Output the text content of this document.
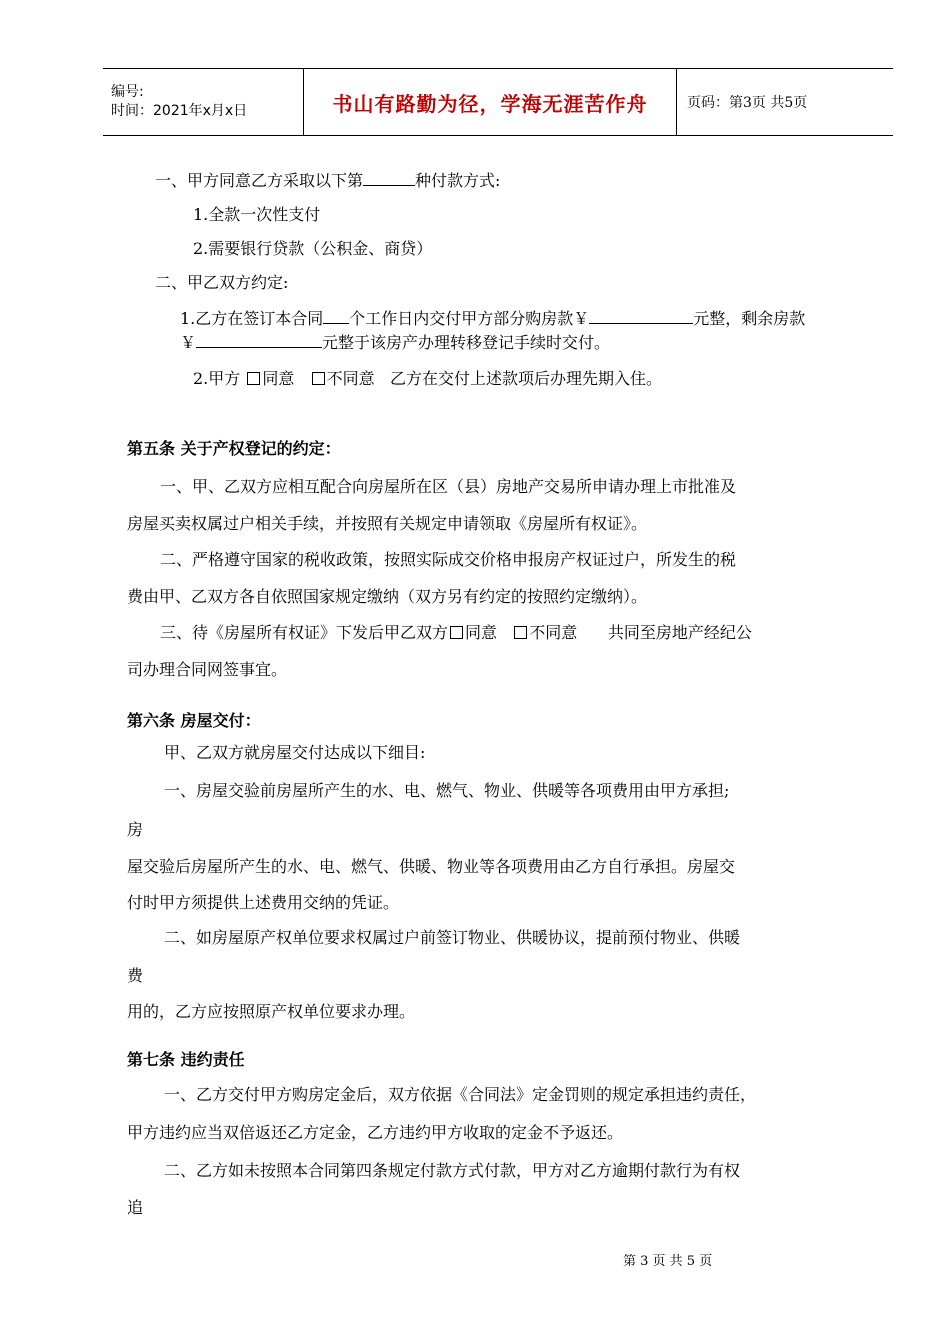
编号:
时间：2021年x月x日	书山有路勤为径，学海无涯苦作舟	页码：第3页 共5页
一、甲方同意乙方采取以下第	种付款方式:
1.全款一次性支付
2.需要银行贷款（公积金、商贷）
二、甲乙双方约定:
1.乙方在签订本合同 个工作日内交付甲方部分购房款￥	元整，剩余房款
￥	元整于该房产办理转移登记手续时交付。
2.甲方 同意 不同意 乙方在交付上述款项后办理先期入住。
第五条 关于产权登记的约定：
一、甲、乙双方应相互配合向房屋所在区（县）房地产交易所申请办理上市批准及
房屋买卖权属过户相关手续，并按照有关规定申请领取《房屋所有权证》。
二、严格遵守国家的税收政策，按照实际成交价格申报房产权证过户，所发生的税
费由甲、乙双方各自依照国家规定缴纳（双方另有约定的按照约定缴纳）。
三、待《房屋所有权证》下发后甲乙双方 同意 不同意 共同至房地产经纪公
司办理合同网签事宜。
第六条 房屋交付：
甲、乙双方就房屋交付达成以下细目:
一、房屋交验前房屋所产生的水、电、燃气、物业、供暖等各项费用由甲方承担;
房
屋交验后房屋所产生的水、电、燃气、供暖、物业等各项费用由乙方自行承担。房屋交
付时甲方须提供上述费用交纳的凭证。
二、如房屋原产权单位要求权属过户前签订物业、供暖协议，提前预付物业、供暖
费
用的，乙方应按照原产权单位要求办理。
第七条 违约责任
一、乙方交付甲方购房定金后，双方依据《合同法》定金罚则的规定承担违约责任，
甲方违约应当双倍返还乙方定金，乙方违约甲方收取的定金不予返还。
二、乙方如未按照本合同第四条规定付款方式付款，甲方对乙方逾期付款行为有权
追
第 3 页 共 5 页
